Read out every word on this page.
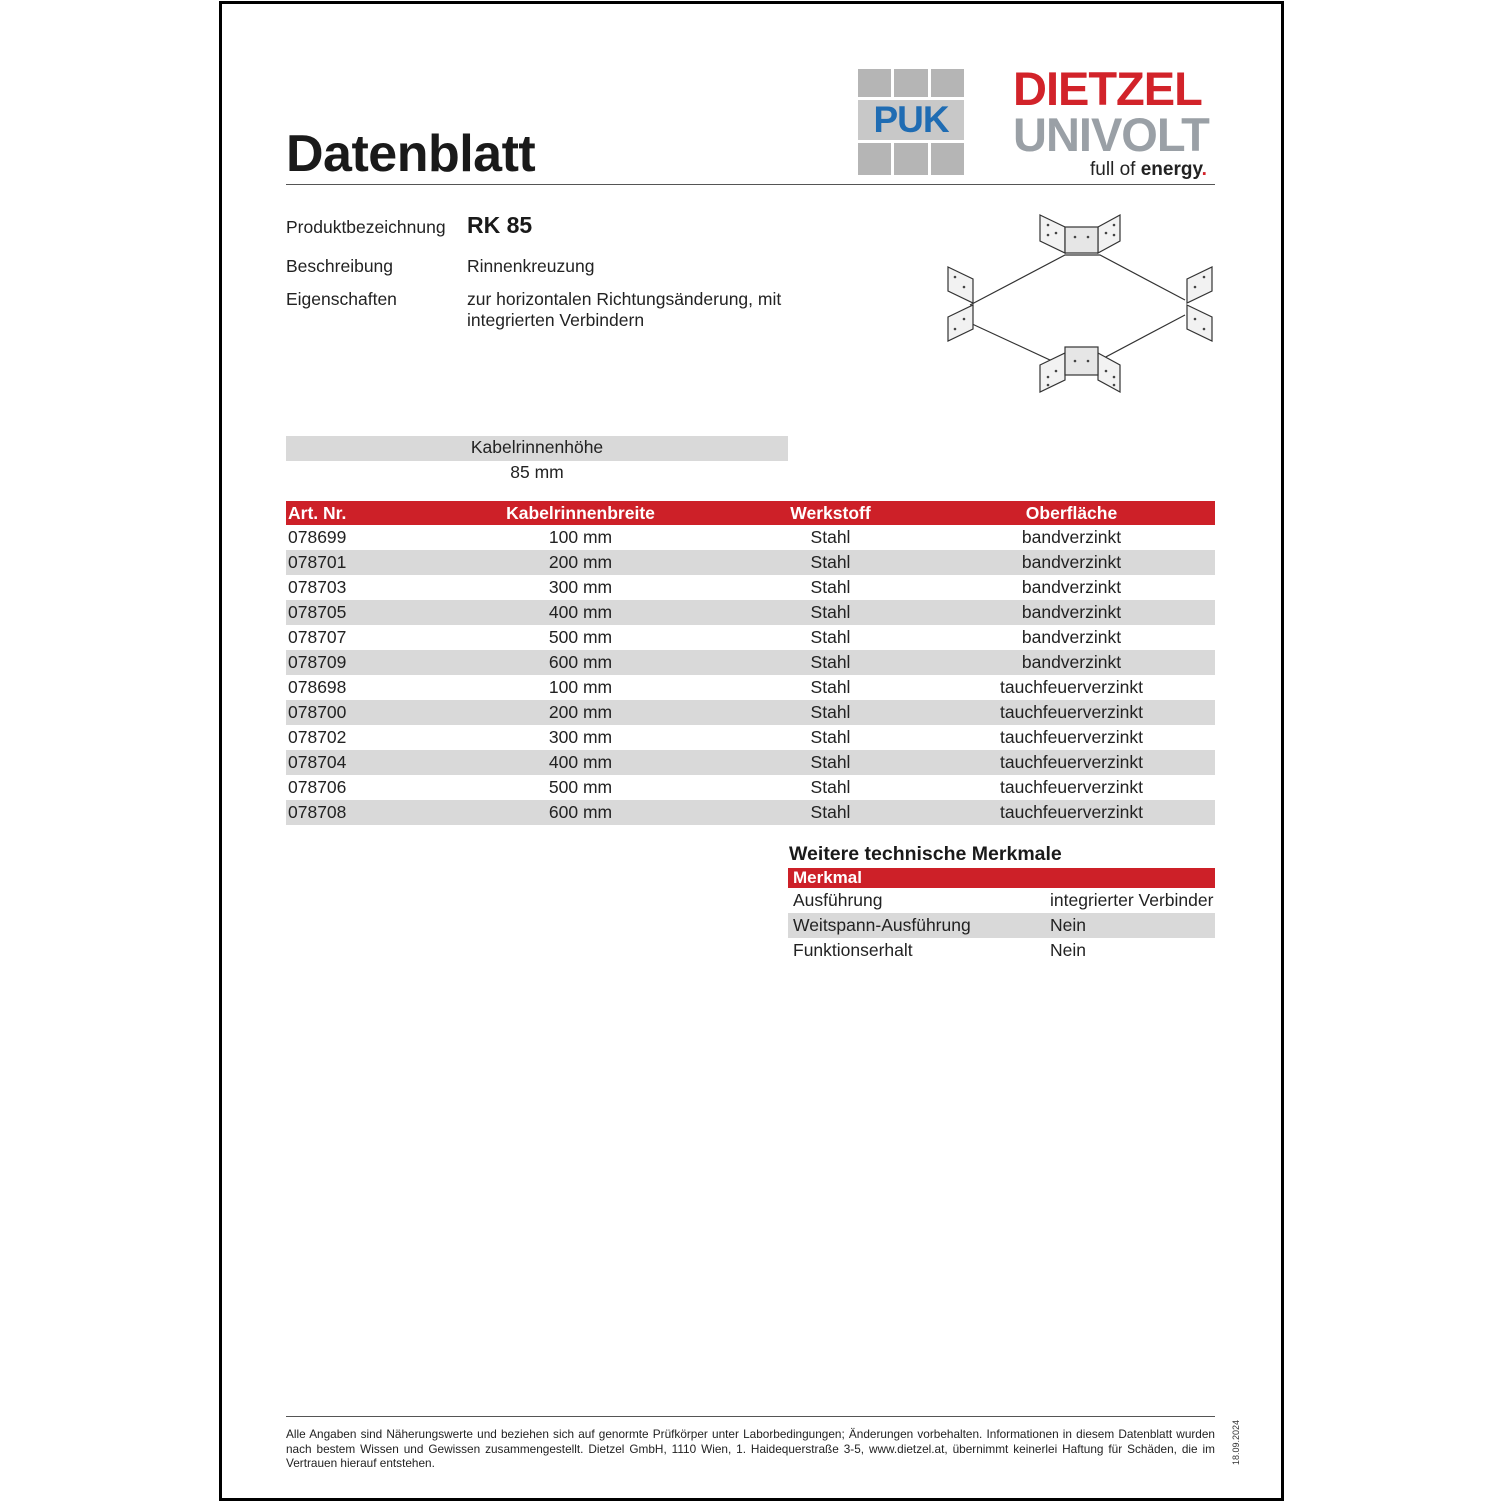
Datenblatt
PUK
DIETZEL
UNIVOLT
full of energy.
Produktbezeichnung RK 85
Beschreibung	Rinnenkreuzung
Eigenschaften	zur horizontalen Richtungsänderung, mit
integrierten Verbindern
Kabelrinnenhöhe
85 mm
Art. Nr.	Kabelrinnenbreite	Werkstoff	Oberfläche
078699	100 mm	Stahl	bandverzinkt
078701	200 mm	Stahl	bandverzinkt
078703	300 mm	Stahl	bandverzinkt
078705	400 mm	Stahl	bandverzinkt
078707	500 mm	Stahl	bandverzinkt
078709	600 mm	Stahl	bandverzinkt
078698	100 mm	Stahl	tauchfeuerverzinkt
078700	200 mm	Stahl	tauchfeuerverzinkt
078702	300 mm	Stahl	tauchfeuerverzinkt
078704	400 mm	Stahl	tauchfeuerverzinkt
078706	500 mm	Stahl	tauchfeuerverzinkt
078708	600 mm	Stahl	tauchfeuerverzinkt
Weitere technische Merkmale
Merkmal	
Ausführung	integrierter Verbinder
Weitspann-Ausführung	Nein
Funktionserhalt	Nein
Alle Angaben sind Näherungswerte und beziehen sich auf genormte Prüfkörper unter Laborbedingungen; Änderungen vorbehalten. Informationen in diesem Datenblatt wurden nach bestem Wissen und Gewissen zusammengestellt. Dietzel GmbH, 1110 Wien, 1. Haidequerstraße 3-5, www.dietzel.at, übernimmt keinerlei Haftung für Schäden, die im Vertrauen hierauf entstehen.	18.09.2024
